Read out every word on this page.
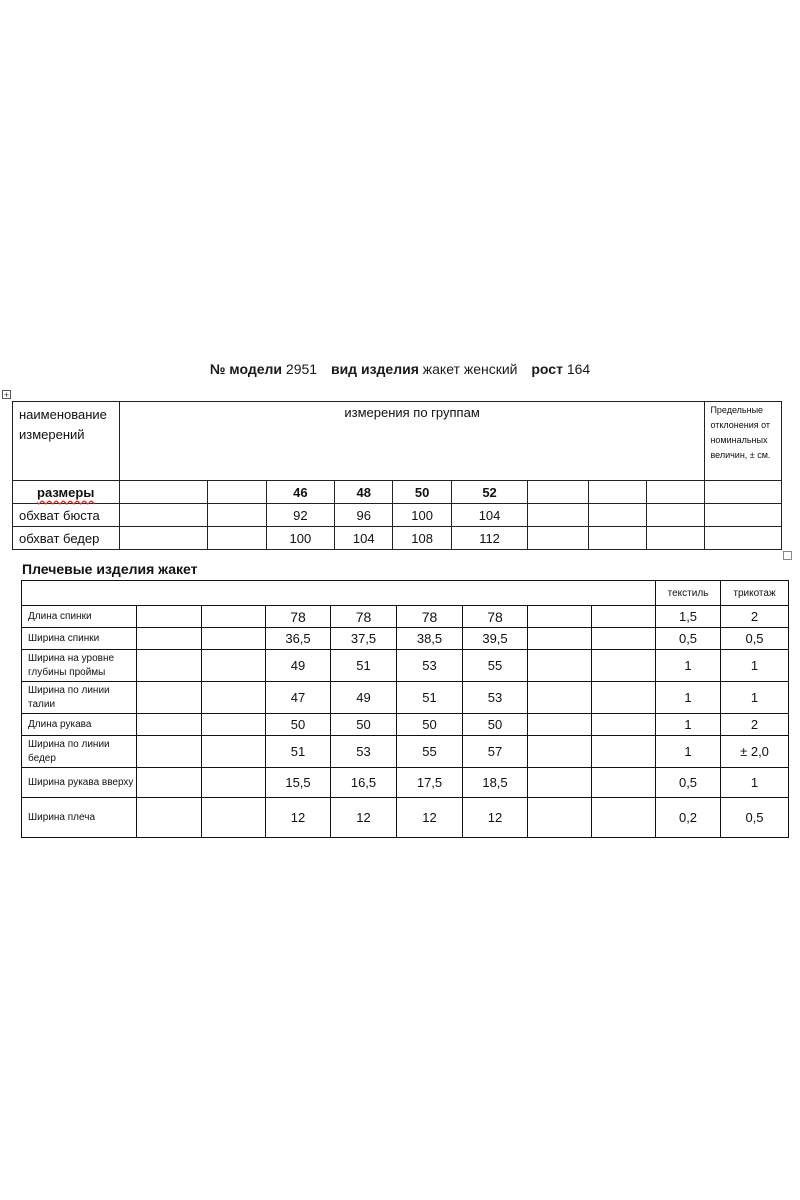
№ модели 2951 вид изделия жакет женский рост 164
+
наименование измерений	измерения по группам									Предельные отклонения от номинальных величин, ± см.
размеры			46	48	50	52				
обхват бюста			92	96	100	104				
обхват бедер			100	104	108	112				
Плечевые изделия жакет
									текстиль	трикотаж
Длина спинки			78	78	78	78			1,5	2
Ширина спинки			36,5	37,5	38,5	39,5			0,5	0,5
Ширина на уровне глубины проймы			49	51	53	55			1	1
Ширина по линии талии			47	49	51	53			1	1
Длина рукава			50	50	50	50			1	2
Ширина по линии бедер			51	53	55	57			1	± 2,0
Ширина рукава вверху			15,5	16,5	17,5	18,5			0,5	1
Ширина плеча			12	12	12	12			0,2	0,5
